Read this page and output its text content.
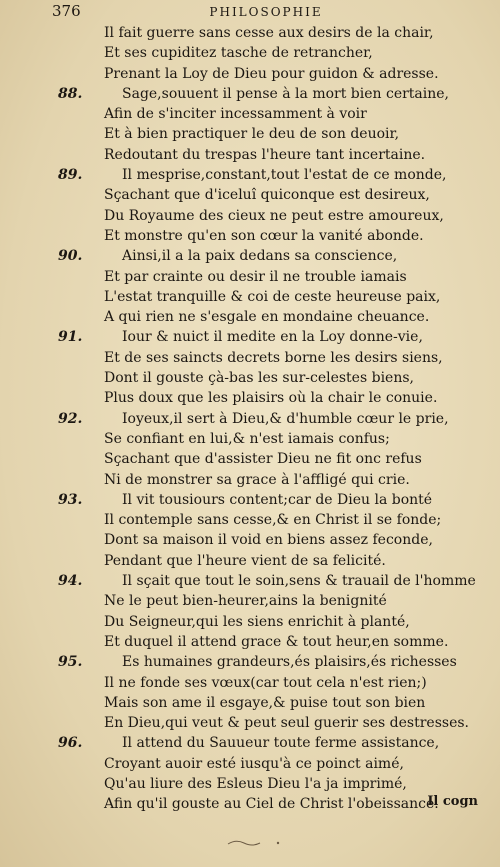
376	PHILOSOPHIE
Il fait guerre sans cesse aux desirs de la chair,
Et ses cupiditez tasche de retrancher,
Prenant la Loy de Dieu pour guidon & adresse.
88.	Sage,souuent il pense à la mort bien certaine,
Afin de s'inciter incessamment à voir
Et à bien practiquer le deu de son deuoir,
Redoutant du trespas l'heure tant incertaine.
89.	Il mesprise,constant,tout l'estat de ce monde,
Sçachant que d'iceluî quiconque est desireux,
Du Royaume des cieux ne peut estre amoureux,
Et monstre qu'en son cœur la vanité abonde.
90.	Ainsi,il a la paix dedans sa conscience,
Et par crainte ou desir il ne trouble iamais
L'estat tranquille & coi de ceste heureuse paix,
A qui rien ne s'esgale en mondaine cheuance.
91.	Iour & nuict il medite en la Loy donne-vie,
Et de ses saincts decrets borne les desirs siens,
Dont il gouste çà-bas les sur-celestes biens,
Plus doux que les plaisirs où la chair le conuie.
92.	Ioyeux,il sert à Dieu,& d'humble cœur le prie,
Se confiant en lui,& n'est iamais confus;
Sçachant que d'assister Dieu ne fit onc refus
Ni de monstrer sa grace à l'affligé qui crie.
93.	Il vit tousiours content;car de Dieu la bonté
Il contemple sans cesse,& en Christ il se fonde;
Dont sa maison il void en biens assez feconde,
Pendant que l'heure vient de sa felicité.
94.	Il sçait que tout le soin,sens & trauail de l'homme
Ne le peut bien-heurer,ains la benignité
Du Seigneur,qui les siens enrichit à planté,
Et duquel il attend grace & tout heur,en somme.
95.	Es humaines grandeurs,és plaisirs,és richesses
Il ne fonde ses vœux(car tout cela n'est rien;)
Mais son ame il esgaye,& puise tout son bien
En Dieu,qui veut & peut seul guerir ses destresses.
96.	Il attend du Sauueur toute ferme assistance,
Croyant auoir esté iusqu'à ce poinct aimé,
Qu'au liure des Esleus Dieu l'a ja imprimé,
Afin qu'il gouste au Ciel de Christ l'obeissance.
Il cogn
